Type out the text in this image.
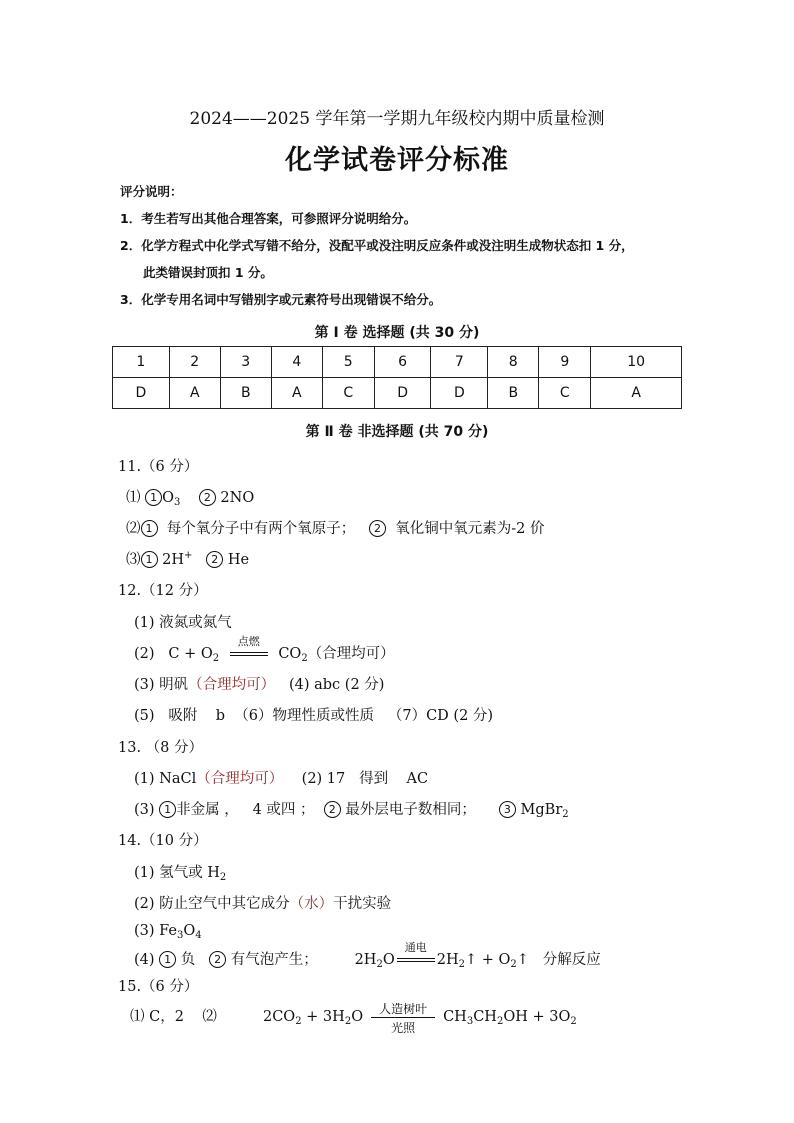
2024——2025 学年第一学期九年级校内期中质量检测
化学试卷评分标准
评分说明：
1．考生若写出其他合理答案，可参照评分说明给分。
2．化学方程式中化学式写错不给分，没配平或没注明反应条件或没注明生成物状态扣 1 分，
此类错误封顶扣 1 分。
3．化学专用名词中写错别字或元素符号出现错误不给分。
第 Ⅰ 卷 选择题 (共 30 分)
1	2	3	4	5	6	7	8	9	10
D	A	B	A	C	D	D	B	C	A
第 Ⅱ 卷 非选择题 (共 70 分)
11.（6 分）
⑴ 1 $O_3$ 2 2NO
⑵ 1 每个氧分子中有两个氧原子； 2 氧化铜中氧元素为-2 价
⑶ 1 2H+ 2 He
12.（12 分）
(1) 液氮或氮气
(2) $C + O_2$
点燃
$CO_2$（合理均可）
(3) 明矾（合理均可） (4) abc (2 分)
(5)   吸附    b  （6）物理性质或性质   （7）CD (2 分)
13. （8 分）
(1) NaCl（合理均可） (2) 17   得到    AC
(3) 1 非金属 ，   4 或四 ； 2 最外层电子数相同；	3 MgBr$_2$
14.（10 分）
(1) 氢气或 $H_2$
(2) 防止空气中其它成分（水）干扰实验
(3) $Fe_3O_4$
(4) 1 负 2 有气泡产生；	$2H_2O$
通电
$2H_2↑$ + $O_2↑$ 分解反应
15.（6 分）
⑴ C，2 ⑵	$2CO_2 + 3H_2O \frac{\text{人造树叶}}{\text{光照}} CH_3CH_2OH + 3O_2$
